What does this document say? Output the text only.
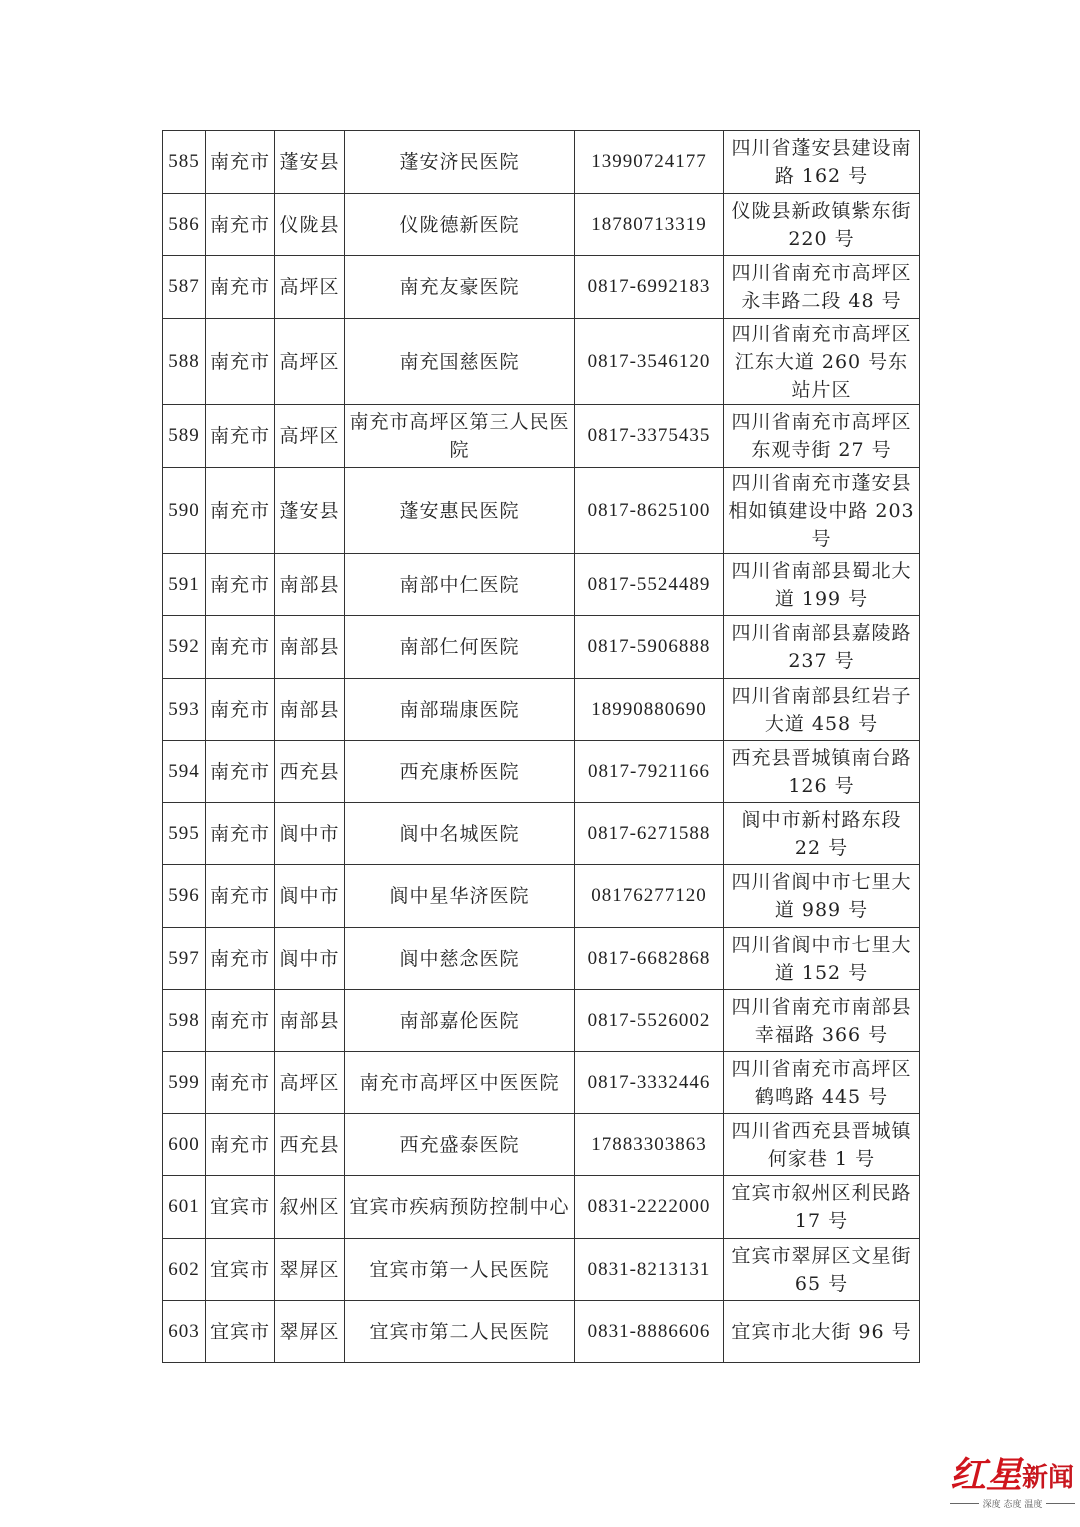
585	南充市	蓬安县	蓬安济民医院	13990724177	四川省蓬安县建设南路 162 号
586	南充市	仪陇县	仪陇德新医院	18780713319	仪陇县新政镇紫东街 220 号
587	南充市	高坪区	南充友豪医院	0817-6992183	四川省南充市高坪区永丰路二段 48 号
588	南充市	高坪区	南充国慈医院	0817-3546120	四川省南充市高坪区江东大道 260 号东站片区
589	南充市	高坪区	南充市高坪区第三人民医院	0817-3375435	四川省南充市高坪区东观寺街 27 号
590	南充市	蓬安县	蓬安惠民医院	0817-8625100	四川省南充市蓬安县相如镇建设中路 203 号
591	南充市	南部县	南部中仁医院	0817-5524489	四川省南部县蜀北大道 199 号
592	南充市	南部县	南部仁何医院	0817-5906888	四川省南部县嘉陵路 237 号
593	南充市	南部县	南部瑞康医院	18990880690	四川省南部县红岩子大道 458 号
594	南充市	西充县	西充康桥医院	0817-7921166	西充县晋城镇南台路 126 号
595	南充市	阆中市	阆中名城医院	0817-6271588	阆中市新村路东段 22 号
596	南充市	阆中市	阆中星华济医院	08176277120	四川省阆中市七里大道 989 号
597	南充市	阆中市	阆中慈念医院	0817-6682868	四川省阆中市七里大道 152 号
598	南充市	南部县	南部嘉伦医院	0817-5526002	四川省南充市南部县幸福路 366 号
599	南充市	高坪区	南充市高坪区中医医院	0817-3332446	四川省南充市高坪区鹤鸣路 445 号
600	南充市	西充县	西充盛泰医院	17883303863	四川省西充县晋城镇何家巷 1 号
601	宜宾市	叙州区	宜宾市疾病预防控制中心	0831-2222000	宜宾市叙州区利民路 17 号
602	宜宾市	翠屏区	宜宾市第一人民医院	0831-8213131	宜宾市翠屏区文星街 65 号
603	宜宾市	翠屏区	宜宾市第二人民医院	0831-8886606	宜宾市北大街 96 号
红星 新闻
深度 态度 温度
